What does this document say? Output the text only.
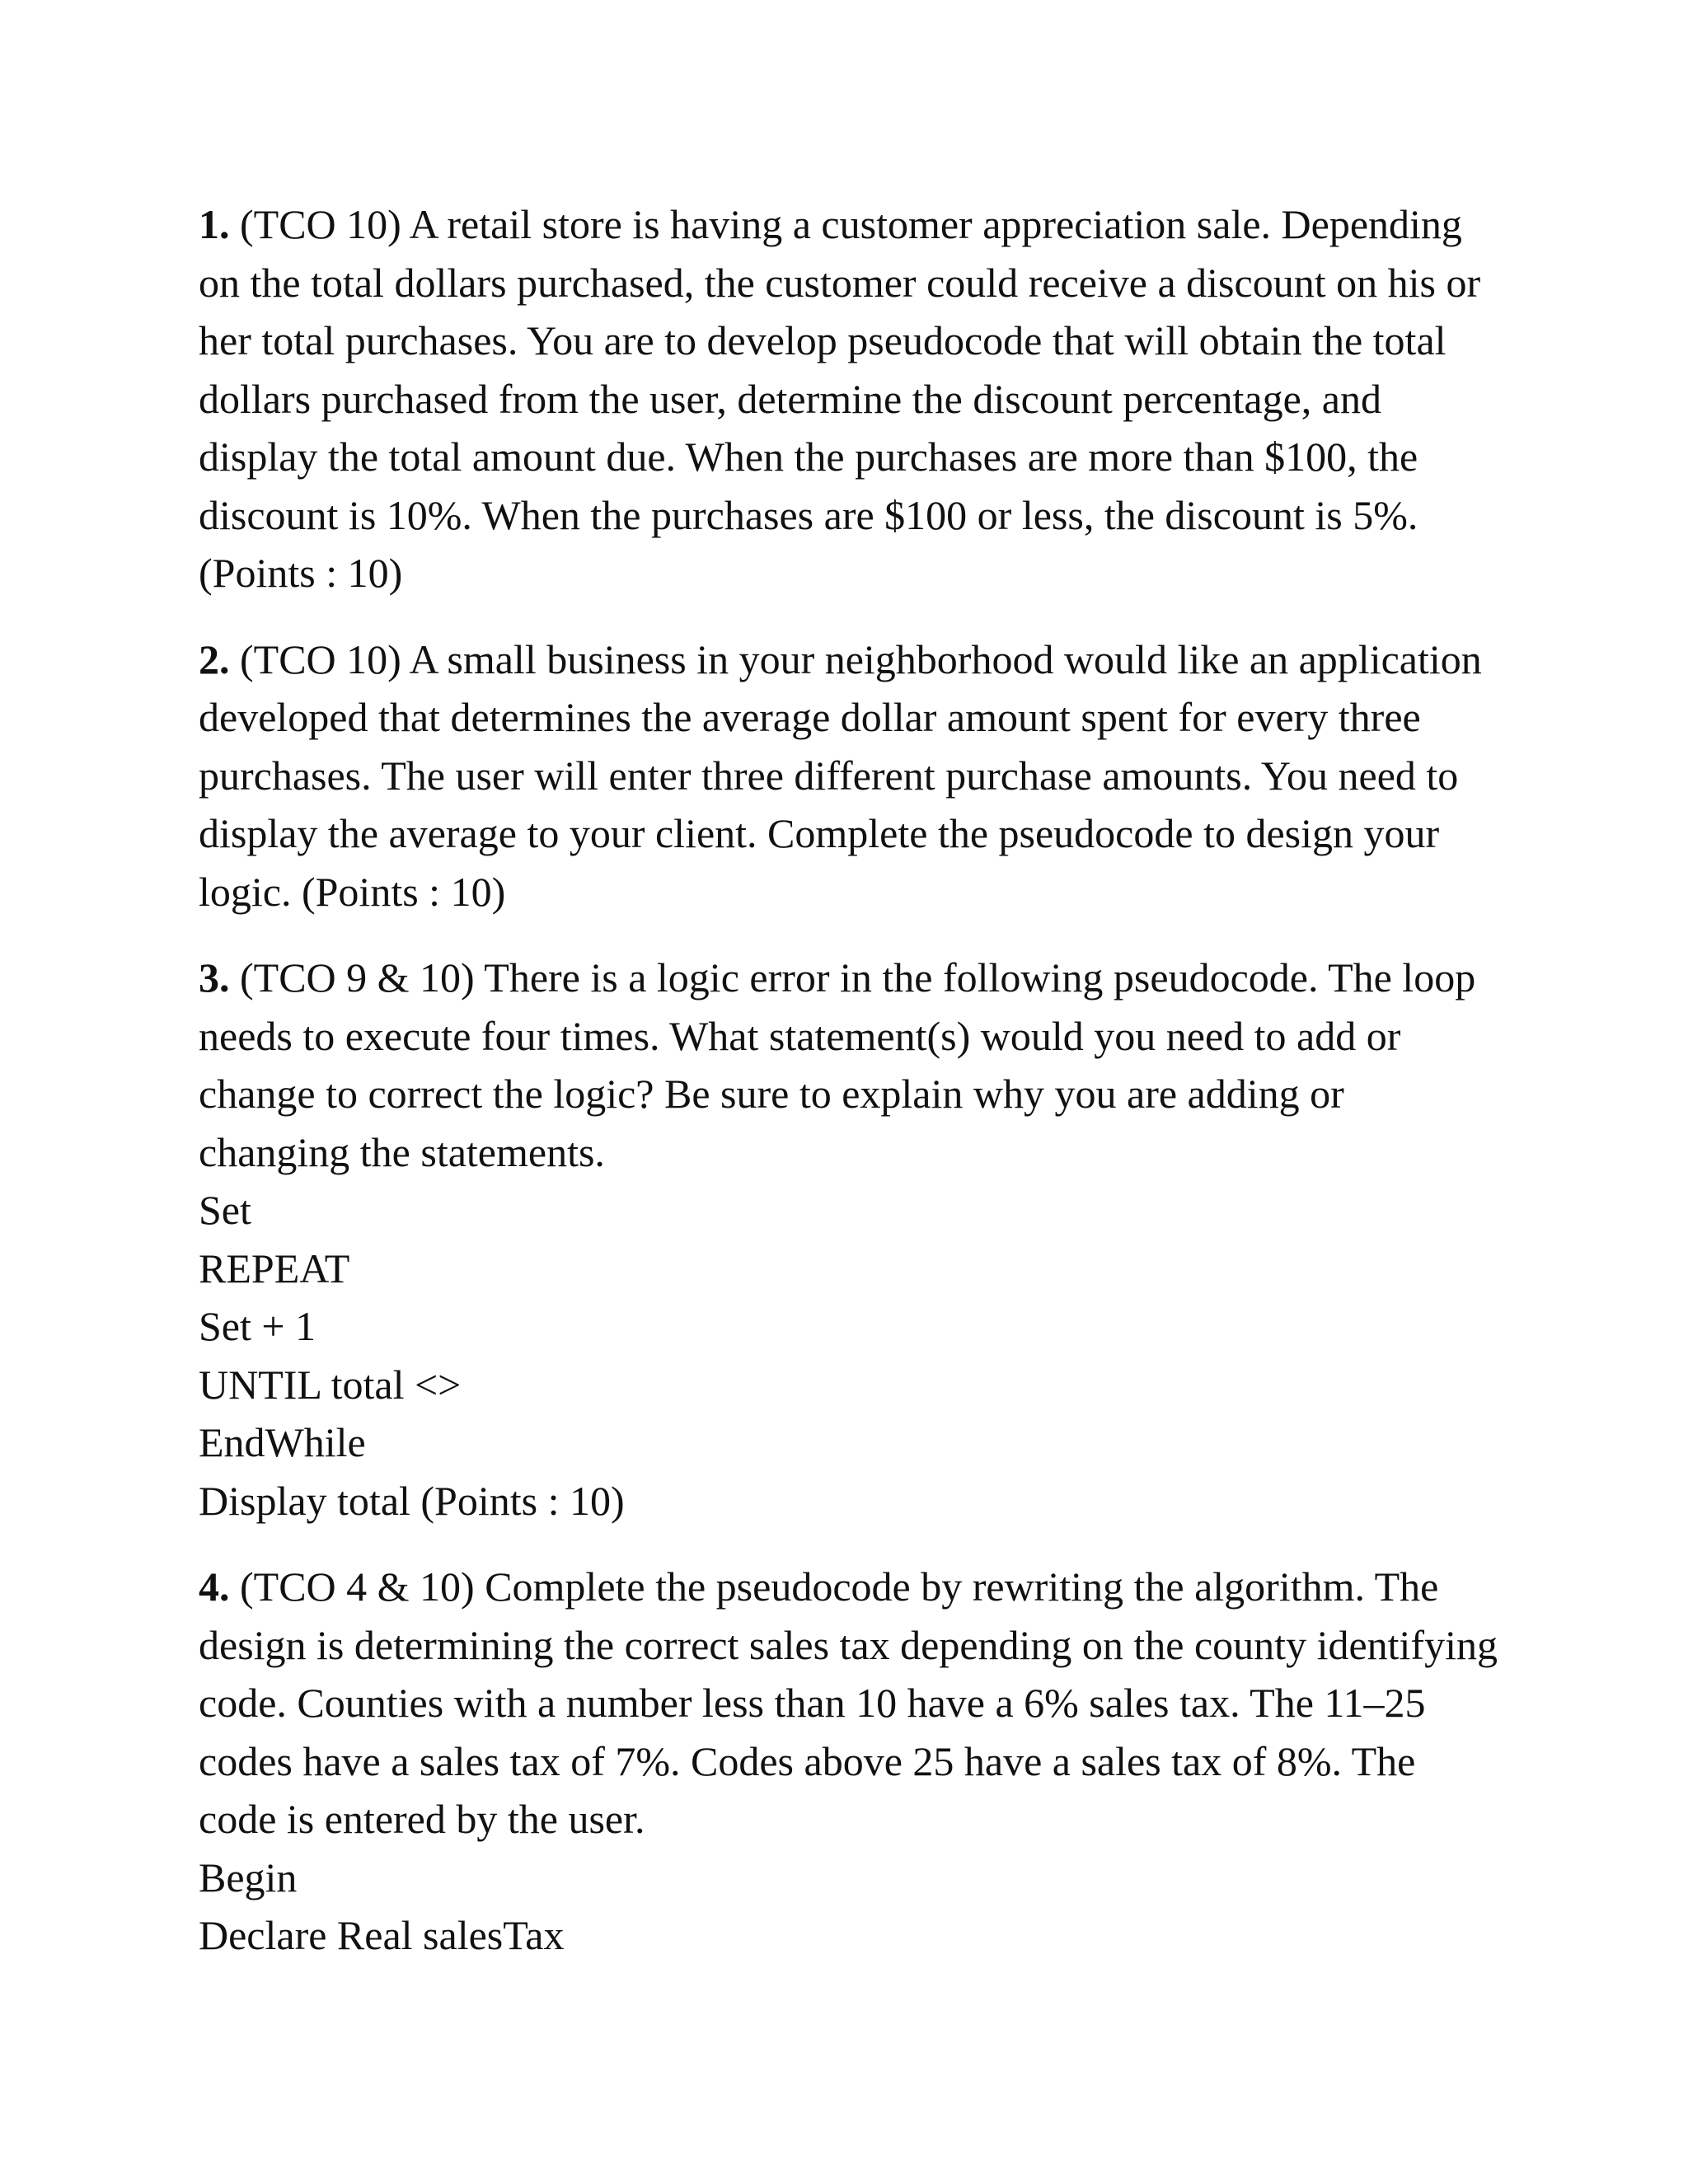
1. (TCO 10) A retail store is having a customer appreciation sale. Depending on the total dollars purchased, the customer could receive a discount on his or her total purchases. You are to develop pseudocode that will obtain the total dollars purchased from the user, determine the discount percentage, and display the total amount due. When the purchases are more than $100, the discount is 10%. When the purchases are $100 or less, the discount is 5%. (Points : 10)

2. (TCO 10) A small business in your neighborhood would like an application developed that determines the average dollar amount spent for every three purchases. The user will enter three different purchase amounts. You need to display the average to your client. Complete the pseudocode to design your logic. (Points : 10)

3. (TCO 9 & 10) There is a logic error in the following pseudocode. The loop needs to execute four times. What statement(s) would you need to add or change to correct the logic? Be sure to explain why you are adding or changing the statements.

Set
REPEAT
Set + 1
UNTIL total <>
EndWhile
Display total (Points : 10)

4. (TCO 4 & 10) Complete the pseudocode by rewriting the algorithm. The design is determining the correct sales tax depending on the county identifying code. Counties with a number less than 10 have a 6% sales tax. The 11–25 codes have a sales tax of 7%. Codes above 25 have a sales tax of 8%. The code is entered by the user.

Begin
Declare Real salesTax
